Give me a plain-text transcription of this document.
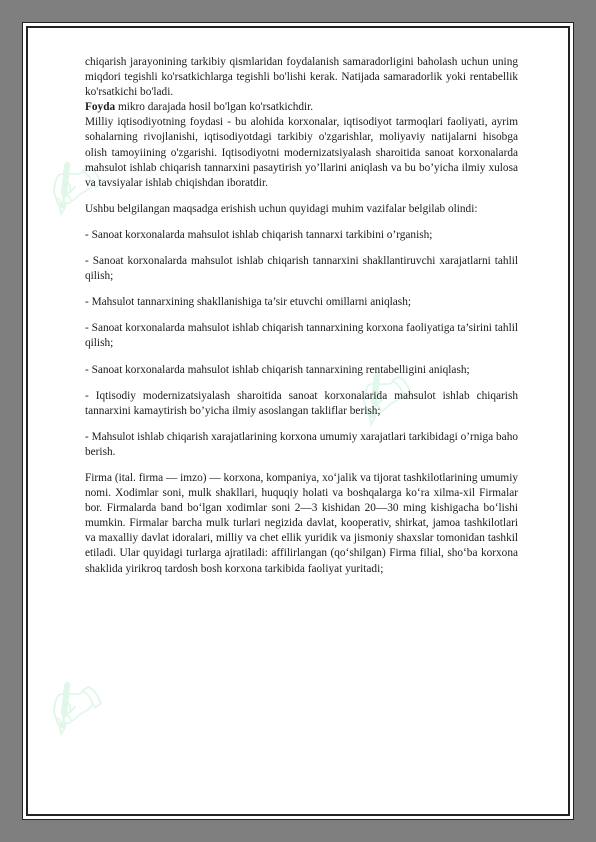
✍
✍
✍

chiqarish jarayonining tarkibiy qismlaridan foydalanish samaradorligini baholash uchun uning miqdori tegishli ko'rsatkichlarga tegishli bo'lishi kerak. Natijada samaradorlik yoki rentabellik ko'rsatkichi bo'ladi.

Foyda mikro darajada hosil bo'lgan ko'rsatkichdir.

Milliy iqtisodiyotning foydasi - bu alohida korxonalar, iqtisodiyot tarmoqlari faoliyati, ayrim sohalarning rivojlanishi, iqtisodiyotdagi tarkibiy o'zgarishlar, moliyaviy natijalarni hisobga olish tamoyiining o'zgarishi. Iqtisodiyotni modernizatsiyalash sharoitida sanoat korxonalarda mahsulot ishlab chiqarish tannarxini pasaytirish yo’llarini aniqlash va bu bo’yicha ilmiy xulosa va tavsiyalar ishlab chiqishdan iboratdir.

Ushbu belgilangan maqsadga erishish uchun quyidagi muhim vazifalar belgilab olindi:

- Sanoat korxonalarda mahsulot ishlab chiqarish tannarxi tarkibini o’rganish;

- Sanoat korxonalarda mahsulot ishlab chiqarish tannarxini shakllantiruvchi xarajatlarni tahlil qilish;

- Mahsulot tannarxining shakllanishiga ta’sir etuvchi omillarni aniqlash;

- Sanoat korxonalarda mahsulot ishlab chiqarish tannarxining korxona faoliyatiga ta’sirini tahlil qilish;

- Sanoat korxonalarda mahsulot ishlab chiqarish tannarxining rentabelligini aniqlash;

- Iqtisodiy modernizatsiyalash sharoitida sanoat korxonalarida mahsulot ishlab chiqarish tannarxini kamaytirish bo’yicha ilmiy asoslangan takliflar berish;

- Mahsulot ishlab chiqarish xarajatlarining korxona umumiy xarajatlari tarkibidagi o’rniga baho berish.

Firma (ital. firma — imzo) — korxona, kompaniya, xo‘jalik va tijorat tashkilotlarining umumiy nomi. Xodimlar soni, mulk shakllari, huquqiy holati va boshqalarga ko‘ra xilma-xil Firmalar bor. Firmalarda band bo‘lgan xodimlar soni 2—3 kishidan 20—30 ming kishigacha bo‘lishi mumkin. Firmalar barcha mulk turlari negizida davlat, kooperativ, shirkat, jamoa tashkilotlari va maxalliy davlat idoralari, milliy va chet ellik yuridik va jismoniy shaxslar tomonidan tashkil etiladi. Ular quyidagi turlarga ajratiladi: affilirlangan (qo‘shilgan) Firma filial, sho‘ba korxona shaklida yirikroq tardosh bosh korxona tarkibida faoliyat yuritadi;
